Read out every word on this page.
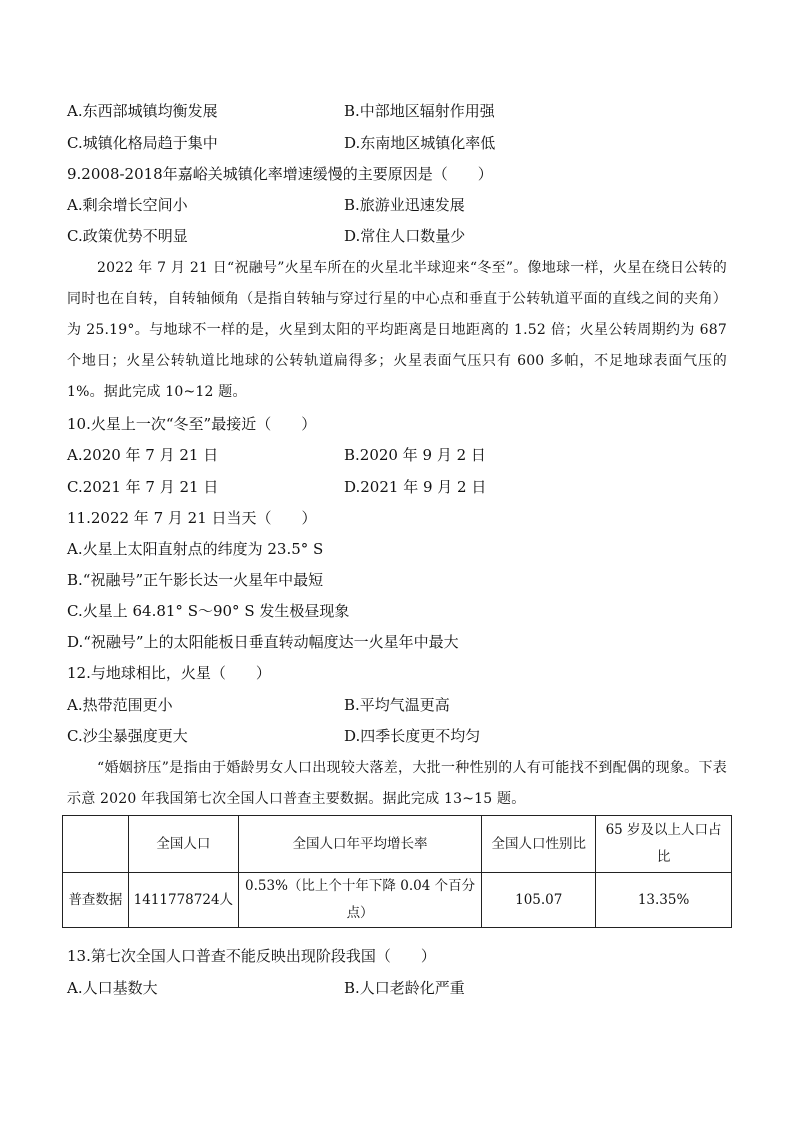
A.东西部城镇均衡发展	B.中部地区辐射作用强
C.城镇化格局趋于集中	D.东南地区城镇化率低
9.2008-2018年嘉峪关城镇化率增速缓慢的主要原因是（　　）
A.剩余增长空间小	B.旅游业迅速发展
C.政策优势不明显	D.常住人口数量少
2022 年 7 月 21 日“祝融号”火星车所在的火星北半球迎来“冬至”。像地球一样，火星在绕日公转的同时也在自转，自转轴倾角（是指自转轴与穿过行星的中心点和垂直于公转轨道平面的直线之间的夹角）为 25.19°。与地球不一样的是，火星到太阳的平均距离是日地距离的 1.52 倍；火星公转周期约为 687 个地日；火星公转轨道比地球的公转轨道扁得多；火星表面气压只有 600 多帕，不足地球表面气压的 1%。据此完成 10~12 题。
10.火星上一次“冬至”最接近（　　）
A.2020 年 7 月 21 日	B.2020 年 9 月 2 日
C.2021 年 7 月 21 日	D.2021 年 9 月 2 日
11.2022 年 7 月 21 日当天（　　）
A.火星上太阳直射点的纬度为 23.5° S
B.“祝融号”正午影长达一火星年中最短
C.火星上 64.81° S～90° S 发生极昼现象
D.“祝融号”上的太阳能板日垂直转动幅度达一火星年中最大
12.与地球相比，火星（　　）
A.热带范围更小	B.平均气温更高
C.沙尘暴强度更大	D.四季长度更不均匀
“婚姻挤压”是指由于婚龄男女人口出现较大落差，大批一种性别的人有可能找不到配偶的现象。下表示意 2020 年我国第七次全国人口普查主要数据。据此完成 13~15 题。
	全国人口	全国人口年平均增长率	全国人口性别比	65 岁及以上人口占比
普查数据	1411778724人	0.53%（比上个十年下降 0.04 个百分点）	105.07	13.35%
13.第七次全国人口普查不能反映出现阶段我国（　　）
A.人口基数大	B.人口老龄化严重
